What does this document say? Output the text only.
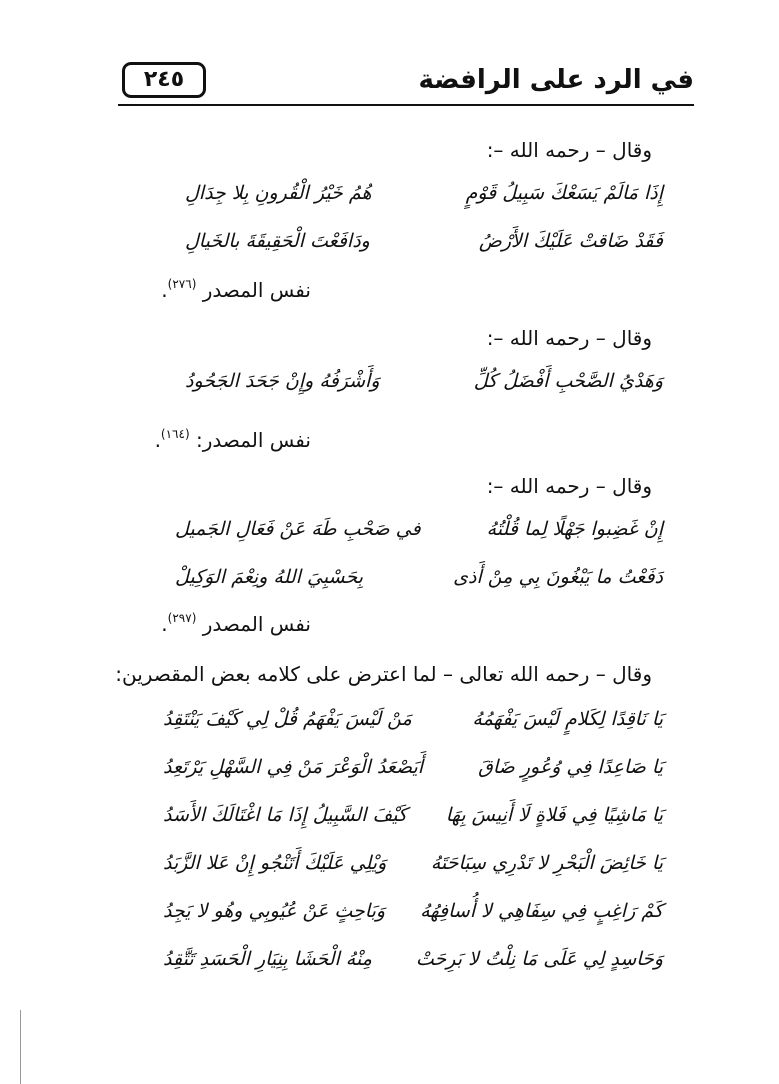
في الرد على الرافضة
٢٤٥
وقال – رحمه الله –:
إِذَا مَالَمْ يَسَعْكَ سَبِيلُ قَوْمٍ
هُمُ خَيْرُ الْقُرونِ بِلا جِدَالِ
فَقَدْ ضَاقتْ عَلَيْكَ الأَرْضُ
ودَافَعْتَ الْحَقِيقَةَ بالخَيالِ
نفس المصدر $^{(٢٧٦)}$.
وقال – رحمه الله –:
وَهَدْيُ الصَّحْبِ أَفْضَلُ كُلِّ
وَأَشْرَفُهُ وإِنْ جَحَدَ الجَحُودُ
نفس المصدر: $^{(١٦٤)}$.
وقال – رحمه الله –:
إِنْ غَضِبوا جَهْلًا لِما قُلْتُهُ
في صَحْبِ طَهَ عَنْ فَعَالِ الجَميل
دَفَعْتُ ما يَبْغُونَ بِي مِنْ أَذى
بِحَسْبِيَ اللهُ ونِعْمَ الوَكِيلْ
نفس المصدر $^{(٢٩٧)}$.
وقال – رحمه الله تعالى – لما اعترض على كلامه بعض المقصرين:
يَا نَاقِدًا لِكَلامٍ لَيْسَ يَفْهَمُهُ
مَنْ لَيْسَ يَفْهَمُ قُلْ لِي كَيْفَ يَنْتَقِدُ
يَا صَاعِدًا فِي وُعُورٍ ضَاقَ
أَيَصْعَدُ الْوَعْرَ مَنْ فِي السَّهْلِ يَرْتَعِدُ
يَا مَاشِيًا فِي فَلاةٍ لَا أَنِيسَ بِهَا
كَيْفَ السَّبِيلُ إِذَا مَا اغْتَالَكَ الأَسَدُ
يَا خَائِضَ الْبَحْرِ لا تَدْرِي سِبَاحَتَهُ
وَيْلِي عَلَيْكَ أَتَنْجُو إِنْ عَلا الزَّبَدُ
كَمْ رَاغِبٍ فِي سِفَاهِي لا أُسافِهُهُ
وَبَاحِثٍ عَنْ عُيُوبِي وهُو لا يَجِدُ
وَحَاسِدٍ لِي عَلَى مَا نِلْتُ لا بَرِحَتْ
مِنْهُ الْحَشَا بِنِيَارِ الْحَسَدِ تَتَّقِدُ
